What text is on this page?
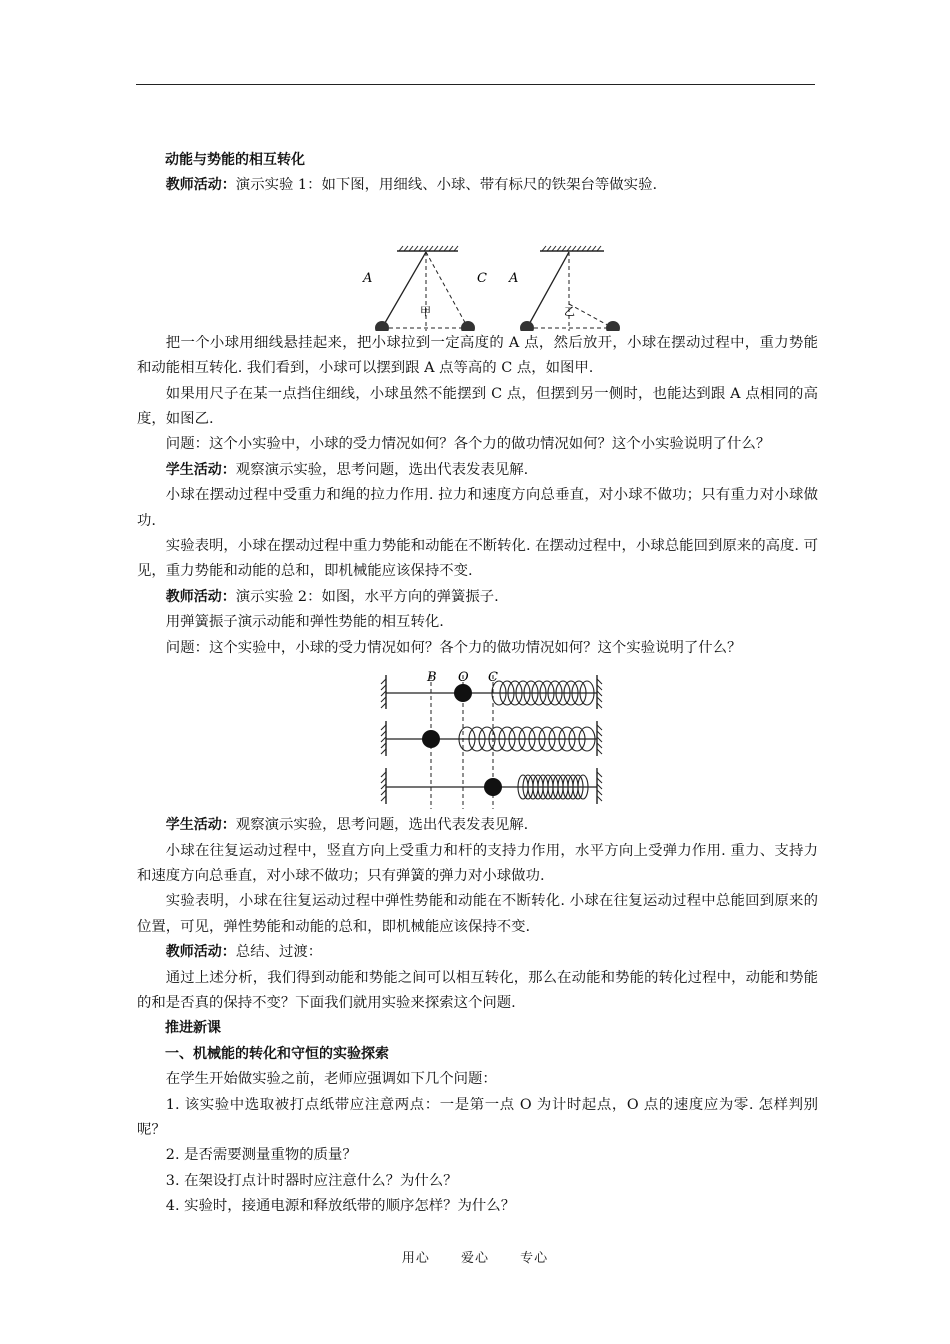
动能与势能的相互转化

教师活动：演示实验 1：如下图，用细线、小球、带有标尺的铁架台等做实验.

把一个小球用细线悬挂起来，把小球拉到一定高度的 A 点，然后放开，小球在摆动过程中，重力势能和动能相互转化. 我们看到，小球可以摆到跟 A 点等高的 C 点，如图甲.

如果用尺子在某一点挡住细线，小球虽然不能摆到 C 点，但摆到另一侧时，也能达到跟 A 点相同的高度，如图乙.

问题：这个小实验中，小球的受力情况如何？各个力的做功情况如何？这个小实验说明了什么？

学生活动：观察演示实验，思考问题，选出代表发表见解.

小球在摆动过程中受重力和绳的拉力作用. 拉力和速度方向总垂直，对小球不做功；只有重力对小球做功.

实验表明，小球在摆动过程中重力势能和动能在不断转化. 在摆动过程中，小球总能回到原来的高度. 可见，重力势能和动能的总和，即机械能应该保持不变.

教师活动：演示实验 2：如图，水平方向的弹簧振子.

用弹簧振子演示动能和弹性势能的相互转化.

问题：这个实验中，小球的受力情况如何？各个力的做功情况如何？这个实验说明了什么？

学生活动：观察演示实验，思考问题，选出代表发表见解.

小球在往复运动过程中，竖直方向上受重力和杆的支持力作用，水平方向上受弹力作用. 重力、支持力和速度方向总垂直，对小球不做功；只有弹簧的弹力对小球做功.

实验表明，小球在往复运动过程中弹性势能和动能在不断转化. 小球在往复运动过程中总能回到原来的位置，可见，弹性势能和动能的总和，即机械能应该保持不变.

教师活动：总结、过渡：

通过上述分析，我们得到动能和势能之间可以相互转化，那么在动能和势能的转化过程中，动能和势能的和是否真的保持不变？下面我们就用实验来探索这个问题.

推进新课

一、机械能的转化和守恒的实验探索

在学生开始做实验之前，老师应强调如下几个问题：

1. 该实验中选取被打点纸带应注意两点：一是第一点 O 为计时起点，O 点的速度应为零. 怎样判别呢？

2. 是否需要测量重物的质量？

3. 在架设打点计时器时应注意什么？为什么？

4. 实验时，接通电源和释放纸带的顺序怎样？为什么？

用心 爱心 专心
A	C
甲
A
乙
B O C
